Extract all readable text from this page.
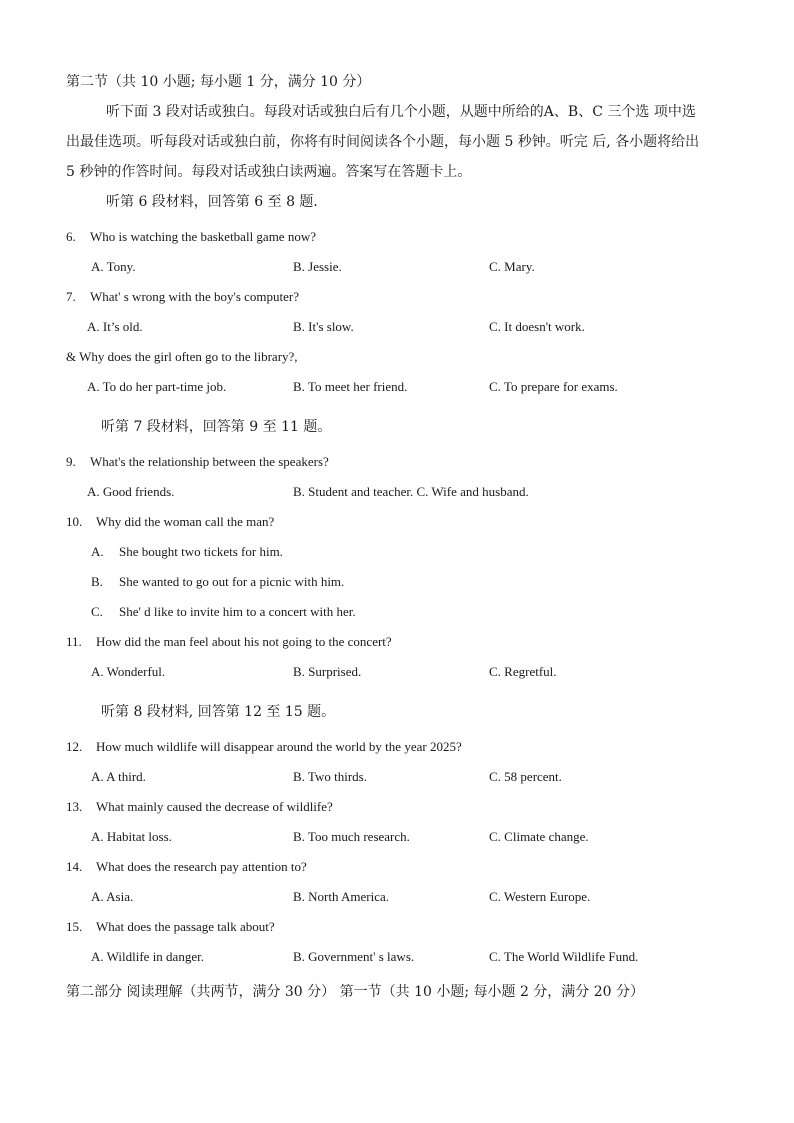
第二节（共 10 小题; 每小题 1 分，满分 10 分）
听下面 3 段对话或独白。每段对话或独白后有几个小题，从题中所给的A、B、C 三个选 项中选
出最佳选项。听每段对话或独白前，你将有时间阅读各个小题，每小题 5 秒钟。听完 后, 各小题将给出
5 秒钟的作答时间。每段对话或独白读两遍。答案写在答题卡上。
听第 6 段材料，回答第 6 至 8 题.
6. Who is watching the basketball game now?
A. Tony.	B. Jessie.	C. Mary.
7. What' s wrong with the boy's computer?
A. It’s old.	B. It's slow.	C. It doesn't work.
& Why does the girl often go to the library?,
A. To do her part-time job.	B. To meet her friend.	C. To prepare for exams.
听第 7 段材料，回答第 9 至 11 题。
9. What's the relationship between the speakers?
A. Good friends.	B. Student and teacher. C. Wife and husband.
10. Why did the woman call the man?
A. She bought two tickets for him.
B. She wanted to go out for a picnic with him.
C. She' d like to invite him to a concert with her.
11. How did the man feel about his not going to the concert?
A. Wonderful.	B. Surprised.	C. Regretful.
听第 8 段材料, 回答第 12 至 15 题。
12. How much wildlife will disappear around the world by the year 2025?
A. A third.	B. Two thirds.	C. 58 percent.
13. What mainly caused the decrease of wildlife?
A. Habitat loss.	B. Too much research.	C. Climate change.
14. What does the research pay attention to?
A. Asia.	B. North America.	C. Western Europe.
15. What does the passage talk about?
A. Wildlife in danger.	B. Government' s laws.	C. The World Wildlife Fund.
第二部分 阅读理解（共两节，满分 30 分） 第一节（共 10 小题; 每小题 2 分，满分 20 分）
